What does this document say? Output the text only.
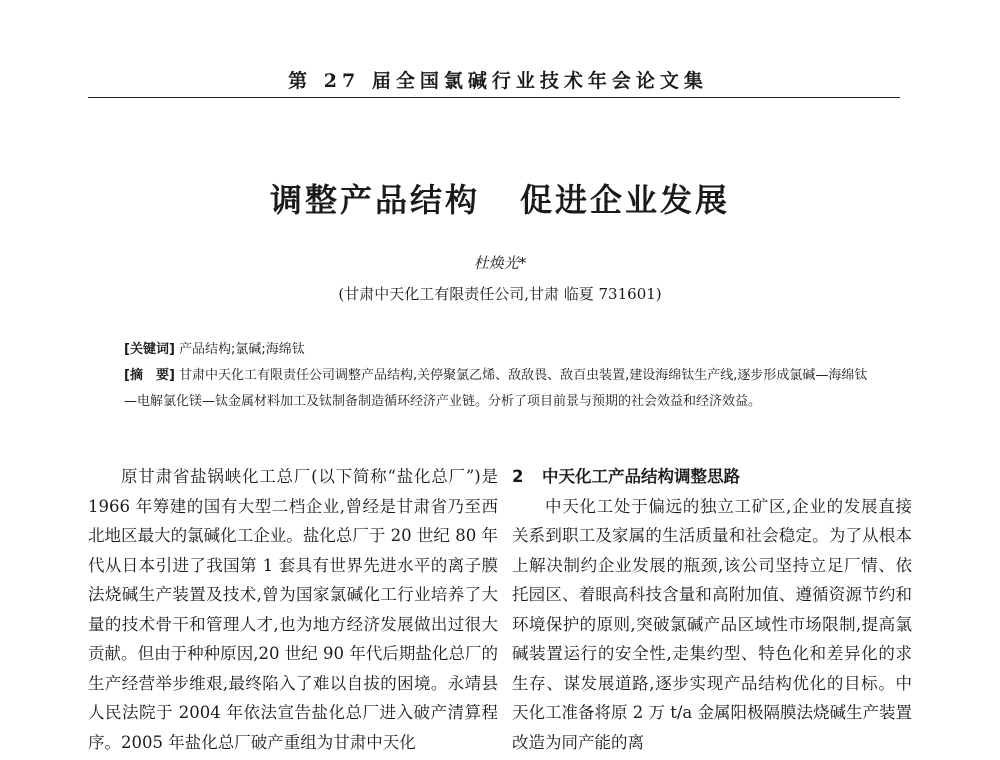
第 27 届全国氯碱行业技术年会论文集
调整产品结构 促进企业发展
杜焕光*
(甘肃中天化工有限责任公司,甘肃 临夏 731601)

[关键词] 产品结构;氯碱;海绵钛

[摘　要] 甘肃中天化工有限责任公司调整产品结构,关停聚氯乙烯、敌敌畏、敌百虫装置,建设海绵钛生产线,逐步形成氯碱—海绵钛—电解氯化镁—钛金属材料加工及钛制备制造循环经济产业链。分析了项目前景与预期的社会效益和经济效益。

原甘肃省盐锅峡化工总厂(以下简称“盐化总厂”)是 1966 年筹建的国有大型二档企业,曾经是甘肃省乃至西北地区最大的氯碱化工企业。盐化总厂于 20 世纪 80 年代从日本引进了我国第 1 套具有世界先进水平的离子膜法烧碱生产装置及技术,曾为国家氯碱化工行业培养了大量的技术骨干和管理人才,也为地方经济发展做出过很大贡献。但由于种种原因,20 世纪 90 年代后期盐化总厂的生产经营举步维艰,最终陷入了难以自拔的困境。永靖县人民法院于 2004 年依法宣告盐化总厂进入破产清算程序。2005 年盐化总厂破产重组为甘肃中天化

2 中天化工产品结构调整思路

中天化工处于偏远的独立工矿区,企业的发展直接关系到职工及家属的生活质量和社会稳定。为了从根本上解决制约企业发展的瓶颈,该公司坚持立足厂情、依托园区、着眼高科技含量和高附加值、遵循资源节约和环境保护的原则,突破氯碱产品区域性市场限制,提高氯碱装置运行的安全性,走集约型、特色化和差异化的求生存、谋发展道路,逐步实现产品结构优化的目标。中天化工准备将原 2 万 t/a 金属阳极隔膜法烧碱生产装置改造为同产能的离
